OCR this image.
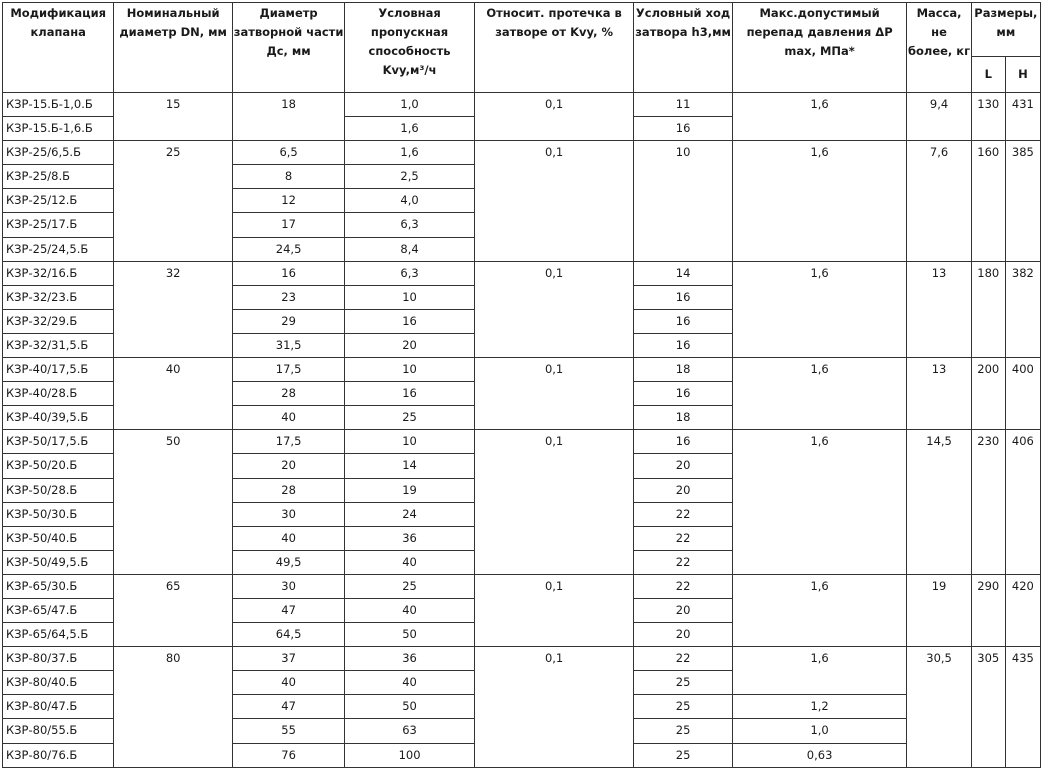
Модификация клапана	Номинальный диаметр DN, мм	Диаметр затворной части Дс, мм	Условная пропускная способность Kvy,м³/ч	Относит. протечка в затворе от Kvy, %	Условный ход затвора h3,мм	Макс.допустимый перепад давления ΔP max, МПа*	Масса, не более, кг	Размеры, мм	
								L	H
КЗР-15.Б-1,0.Б	15	18	1,0	0,1	11	1,6	9,4	130	431
КЗР-15.Б-1,6.Б			1,6		16				
КЗР-25/6,5.Б	25	6,5	1,6	0,1	10	1,6	7,6	160	385
КЗР-25/8.Б		8	2,5						
КЗР-25/12.Б		12	4,0						
КЗР-25/17.Б		17	6,3						
КЗР-25/24,5.Б		24,5	8,4						
КЗР-32/16.Б	32	16	6,3	0,1	14	1,6	13	180	382
КЗР-32/23.Б		23	10		16				
КЗР-32/29.Б		29	16		16				
КЗР-32/31,5.Б		31,5	20		16				
КЗР-40/17,5.Б	40	17,5	10	0,1	18	1,6	13	200	400
КЗР-40/28.Б		28	16		16				
КЗР-40/39,5.Б		40	25		18				
КЗР-50/17,5.Б	50	17,5	10	0,1	16	1,6	14,5	230	406
КЗР-50/20.Б		20	14		20				
КЗР-50/28.Б		28	19		20				
КЗР-50/30.Б		30	24		22				
КЗР-50/40.Б		40	36		22				
КЗР-50/49,5.Б		49,5	40		22				
КЗР-65/30.Б	65	30	25	0,1	22	1,6	19	290	420
КЗР-65/47.Б		47	40		20				
КЗР-65/64,5.Б		64,5	50		20				
КЗР-80/37.Б	80	37	36	0,1	22	1,6	30,5	305	435
КЗР-80/40.Б		40	40		25				
КЗР-80/47.Б		47	50		25	1,2			
КЗР-80/55.Б		55	63		25	1,0			
КЗР-80/76.Б		76	100		25	0,63			
